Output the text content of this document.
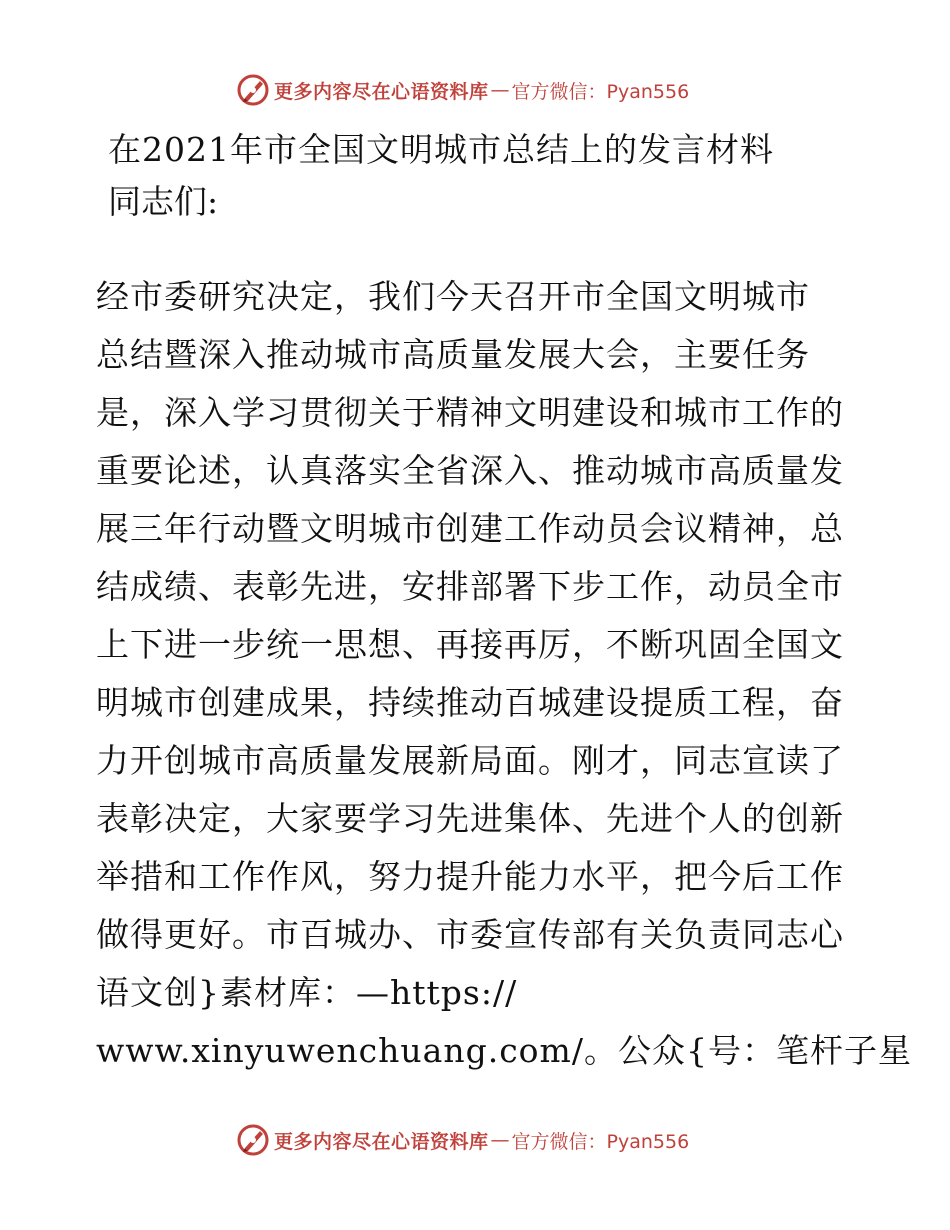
更多内容尽在心语资料库 — 官方微信：Pyan556
在2021年市全国文明城市总结上的发言材料

同志们:

经市委研究决定，我们今天召开市全国文明城市
总结暨深入推动城市高质量发展大会，主要任务
是，深入学习贯彻关于精神文明建设和城市工作的
重要论述，认真落实全省深入、推动城市高质量发
展三年行动暨文明城市创建工作动员会议精神，总
结成绩、表彰先进，安排部署下步工作，动员全市
上下进一步统一思想、再接再厉，不断巩固全国文
明城市创建成果，持续推动百城建设提质工程，奋
力开创城市高质量发展新局面。刚才，同志宣读了
表彰决定，大家要学习先进集体、先进个人的创新
举措和工作作风，努力提升能力水平，把今后工作
做得更好。市百城办、市委宣传部有关负责同志心
语文创}素材库：—https://
www.xinyuwenchuang.com/。公众{号：笔杆子星
更多内容尽在心语资料库 — 官方微信：Pyan556
